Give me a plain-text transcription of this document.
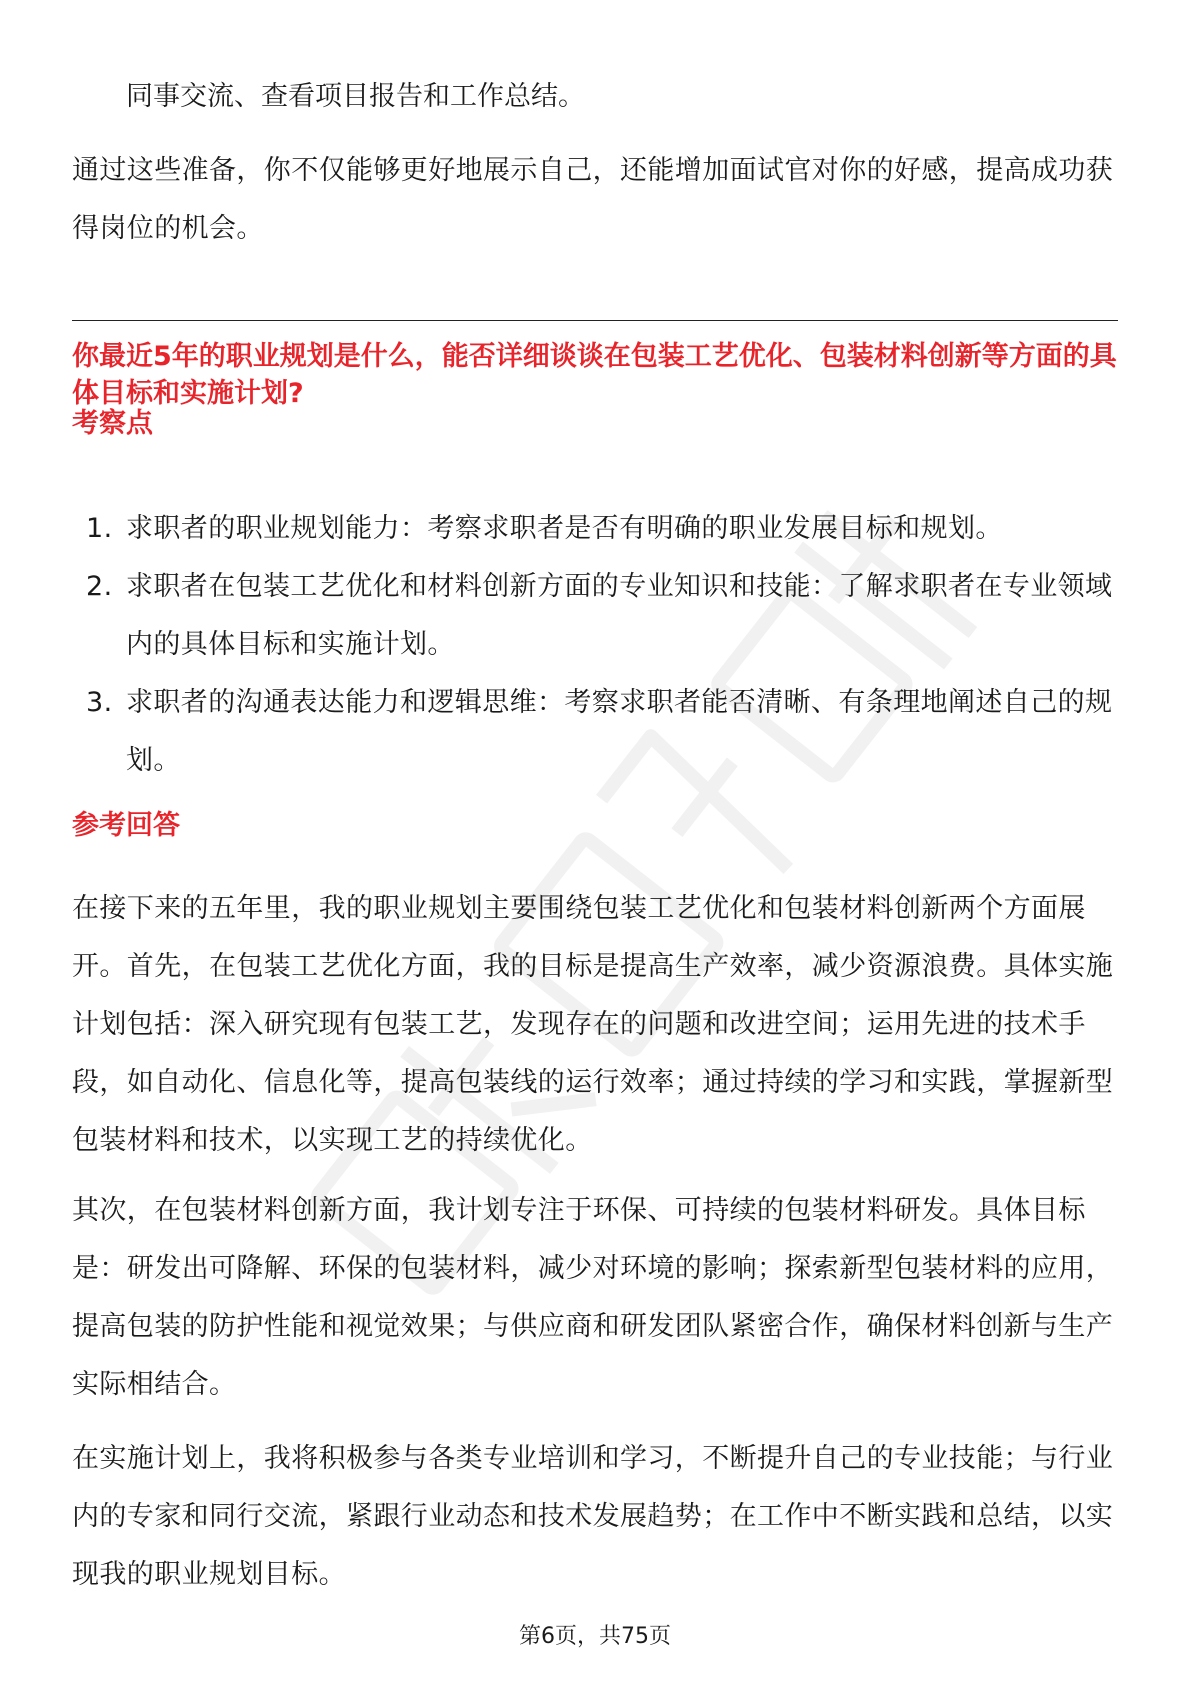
同事交流、查看项目报告和工作总结。

通过这些准备，你不仅能够更好地展示自己，还能增加面试官对你的好感，提高成功获得岗位的机会。

你最近5年的职业规划是什么，能否详细谈谈在包装工艺优化、包装材料创新等方面的具体目标和实施计划?

考察点

1. 求职者的职业规划能力：考察求职者是否有明确的职业发展目标和规划。
2. 求职者在包装工艺优化和材料创新方面的专业知识和技能：了解求职者在专业领域内的具体目标和实施计划。
3. 求职者的沟通表达能力和逻辑思维：考察求职者能否清晰、有条理地阐述自己的规划。

参考回答

在接下来的五年里，我的职业规划主要围绕包装工艺优化和包装材料创新两个方面展开。首先，在包装工艺优化方面，我的目标是提高生产效率，减少资源浪费。具体实施计划包括：深入研究现有包装工艺，发现存在的问题和改进空间；运用先进的技术手段，如自动化、信息化等，提高包装线的运行效率；通过持续的学习和实践，掌握新型包装材料和技术，以实现工艺的持续优化。

其次，在包装材料创新方面，我计划专注于环保、可持续的包装材料研发。具体目标是：研发出可降解、环保的包装材料，减少对环境的影响；探索新型包装材料的应用，提高包装的防护性能和视觉效果；与供应商和研发团队紧密合作，确保材料创新与生产实际相结合。

在实施计划上，我将积极参与各类专业培训和学习，不断提升自己的专业技能；与行业内的专家和同行交流，紧跟行业动态和技术发展趋势；在工作中不断实践和总结，以实现我的职业规划目标。

第6页，共75页
